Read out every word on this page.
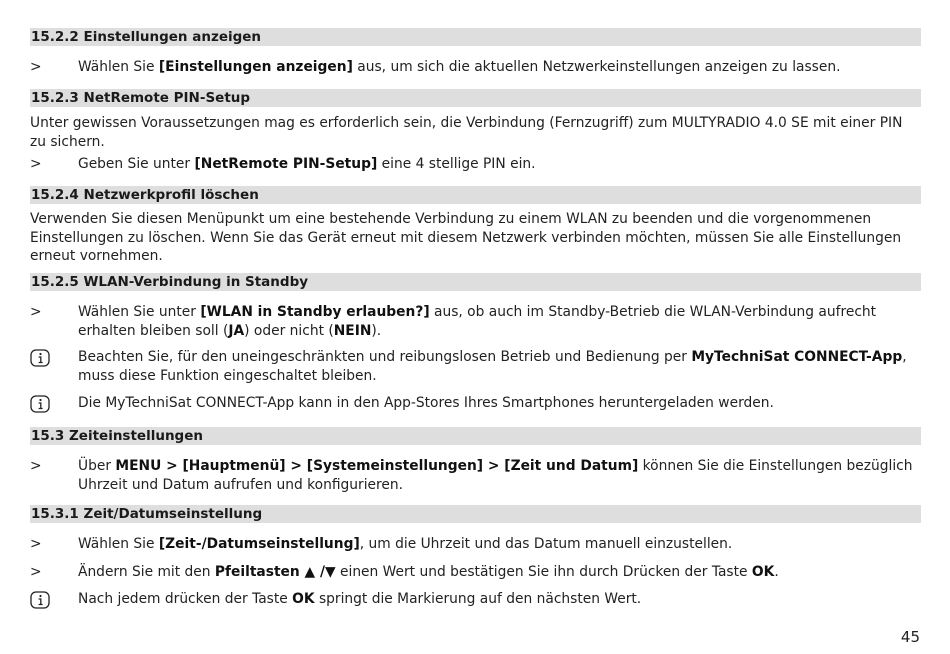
15.2.2 Einstellungen anzeigen
>	Wählen Sie [Einstellungen anzeigen] aus, um sich die aktuellen Netzwerkeinstellungen anzeigen zu lassen.
15.2.3 NetRemote PIN-Setup
Unter gewissen Voraussetzungen mag es erforderlich sein, die Verbindung (Fernzugriff) zum MULTYRADIO 4.0 SE mit einer PIN zu sichern.
>	Geben Sie unter [NetRemote PIN-Setup] eine 4 stellige PIN ein.
15.2.4 Netzwerkprofil löschen
Verwenden Sie diesen Menüpunkt um eine bestehende Verbindung zu einem WLAN zu beenden und die vorgenommenen Einstellungen zu löschen. Wenn Sie das Gerät erneut mit diesem Netzwerk verbinden möchten, müssen Sie alle Einstellungen erneut vornehmen.
15.2.5 WLAN-Verbindung in Standby
>	Wählen Sie unter [WLAN in Standby erlauben?] aus, ob auch im Standby-Betrieb die WLAN-Verbindung aufrecht erhalten bleiben soll (JA) oder nicht (NEIN).
Beachten Sie, für den uneingeschränkten und reibungslosen Betrieb und Bedienung per MyTechniSat CONNECT-App, muss diese Funktion eingeschaltet bleiben.
Die MyTechniSat CONNECT-App kann in den App-Stores Ihres Smartphones heruntergeladen werden.
15.3 Zeiteinstellungen
>	Über MENU > [Hauptmenü] > [Systemeinstellungen] > [Zeit und Datum] können Sie die Einstellungen bezüglich Uhrzeit und Datum aufrufen und konfigurieren.
15.3.1 Zeit/Datumseinstellung
>	Wählen Sie [Zeit-/Datumseinstellung], um die Uhrzeit und das Datum manuell einzustellen.
>	Ändern Sie mit den Pfeiltasten ▲ /▼ einen Wert und bestätigen Sie ihn durch Drücken der Taste OK.
Nach jedem drücken der Taste OK springt die Markierung auf den nächsten Wert.
45
